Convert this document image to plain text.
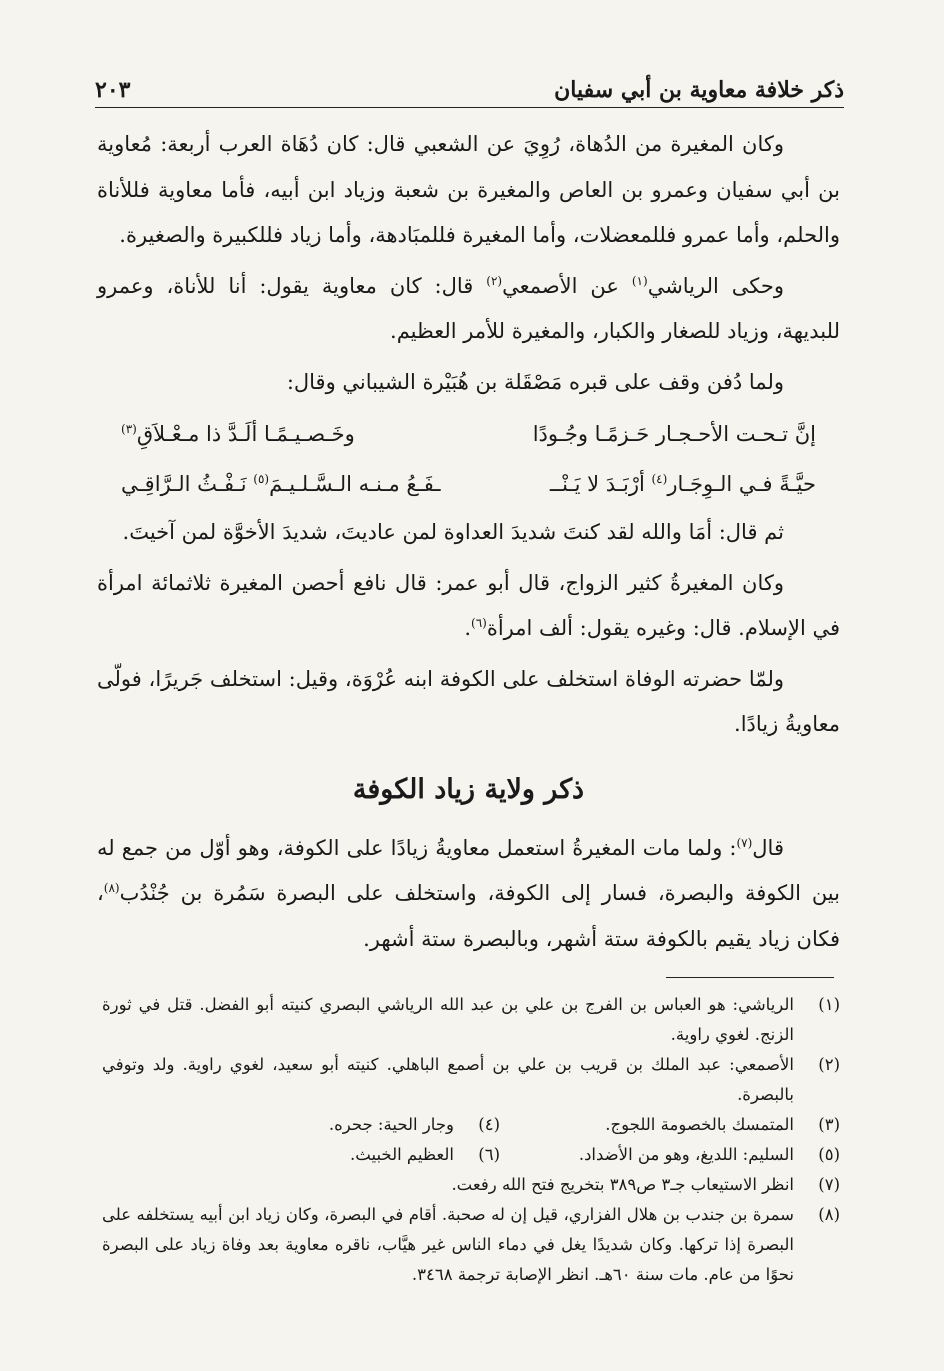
ذكر خلافة معاوية بن أبي سفيان
٢٠٣

وكان المغيرة من الدُهاة، رُوِيَ عن الشعبي قال: كان دُهَاة العرب أربعة: مُعاوية بن أبي سفيان وعمرو بن العاص والمغيرة بن شعبة وزياد ابن أبيه، فأما معاوية فللأناة والحلم، وأما عمرو فللمعضلات، وأما المغيرة فللمبَادهة، وأما زياد فللكبيرة والصغيرة.

وحكى الرياشي$^{(١)}$ عن الأصمعي$^{(٢)}$ قال: كان معاوية يقول: أنا للأناة، وعمرو للبديهة، وزياد للصغار والكبار، والمغيرة للأمر العظيم.

ولما دُفن وقف على قبره مَصْقَلة بن هُبَيْرة الشيباني وقال:

إنَّ تـحـت الأحـجـار حَـزمًـا وجُـودًا
وخَـصـيـمًـا ألَـدَّ ذا مـعْـلاَقِ$^{(٣)}$
حيَّـةً فـي الـوِجَـار$^{(٤)}$ أرْبَـدَ لا يَـنْــ
ـفَـعُ مـنـه الـسَّـلـيـمَ$^{(٥)}$ نَـفْـثُ الـرَّاقِـي

ثم قال: أمَا والله لقد كنتَ شديدَ العداوة لمن عاديتَ، شديدَ الأخوَّة لمن آخيتَ.

وكان المغيرةُ كثير الزواج، قال أبو عمر: قال نافع أحصن المغيرة ثلاثمائة امرأة في الإسلام. قال: وغيره يقول: ألف امرأة$^{(٦)}$.

ولمّا حضرته الوفاة استخلف على الكوفة ابنه عُرْوَة، وقيل: استخلف جَريرًا، فولّى معاويةُ زيادًا.

ذكر ولاية زياد الكوفة

قال$^{(٧)}$: ولما مات المغيرةُ استعمل معاويةُ زيادًا على الكوفة، وهو أوّل من جمع له بين الكوفة والبصرة، فسار إلى الكوفة، واستخلف على البصرة سَمُرة بن جُنْدُب$^{(٨)}$، فكان زياد يقيم بالكوفة ستة أشهر، وبالبصرة ستة أشهر.

(١)
الرياشي: هو العباس بن الفرج بن علي بن عبد الله الرياشي البصري كنيته أبو الفضل. قتل في ثورة الزنج. لغوي راوية.
(٢)
الأصمعي: عبد الملك بن قريب بن علي بن أصمع الباهلي. كنيته أبو سعيد، لغوي راوية. ولد وتوفي بالبصرة.
(٣)
المتمسك بالخصومة اللجوج.
(٤)
وجار الحية: جحره.
(٥)
السليم: اللديغ، وهو من الأضداد.
(٦)
العظيم الخبيث.
(٧)
انظر الاستيعاب جـ٣ ص٣٨٩ بتخريج فتح الله رفعت.
(٨)
سمرة بن جندب بن هلال الفزاري، قيل إن له صحبة. أقام في البصرة، وكان زياد ابن أبيه يستخلفه على البصرة إذا تركها. وكان شديدًا يغل في دماء الناس غير هيَّاب، ناقره معاوية بعد وفاة زياد على البصرة نحوًا من عام. مات سنة ٦٠هـ. انظر الإصابة ترجمة ٣٤٦٨.
